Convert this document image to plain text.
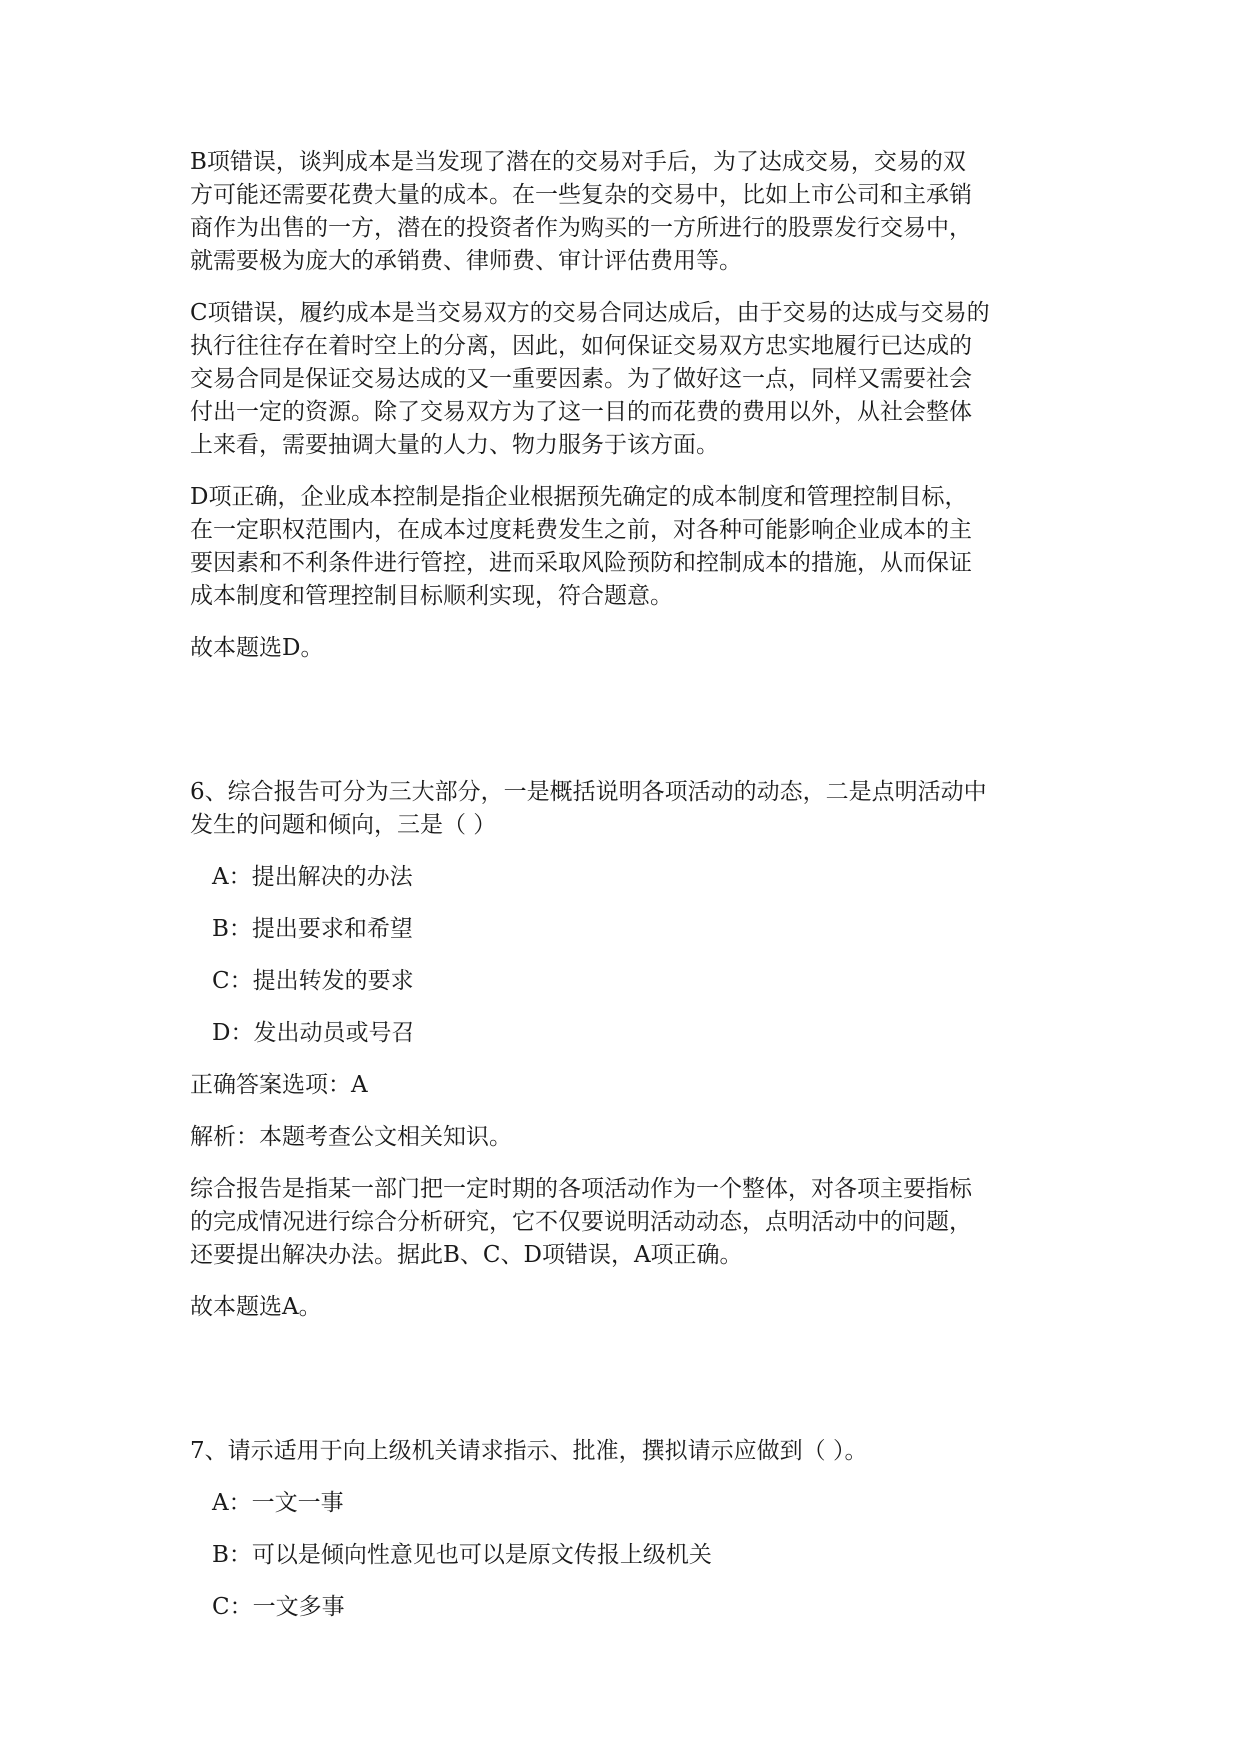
B项错误，谈判成本是当发现了潜在的交易对手后，为了达成交易，交易的双
方可能还需要花费大量的成本。在一些复杂的交易中，比如上市公司和主承销
商作为出售的一方，潜在的投资者作为购买的一方所进行的股票发行交易中，
就需要极为庞大的承销费、律师费、审计评估费用等。

C项错误，履约成本是当交易双方的交易合同达成后，由于交易的达成与交易的
执行往往存在着时空上的分离，因此，如何保证交易双方忠实地履行已达成的
交易合同是保证交易达成的又一重要因素。为了做好这一点，同样又需要社会
付出一定的资源。除了交易双方为了这一目的而花费的费用以外，从社会整体
上来看，需要抽调大量的人力、物力服务于该方面。

D项正确，企业成本控制是指企业根据预先确定的成本制度和管理控制目标，
在一定职权范围内，在成本过度耗费发生之前，对各种可能影响企业成本的主
要因素和不利条件进行管控，进而采取风险预防和控制成本的措施，从而保证
成本制度和管理控制目标顺利实现，符合题意。

故本题选D。

6、综合报告可分为三大部分，一是概括说明各项活动的动态，二是点明活动中
发生的问题和倾向，三是（ ）

A：提出解决的办法

B：提出要求和希望

C：提出转发的要求

D：发出动员或号召

正确答案选项：A

解析：本题考查公文相关知识。

综合报告是指某一部门把一定时期的各项活动作为一个整体，对各项主要指标
的完成情况进行综合分析研究，它不仅要说明活动动态，点明活动中的问题，
还要提出解决办法。据此B、C、D项错误，A项正确。

故本题选A。

7、请示适用于向上级机关请求指示、批准，撰拟请示应做到（ ）。

A：一文一事

B：可以是倾向性意见也可以是原文传报上级机关

C：一文多事
